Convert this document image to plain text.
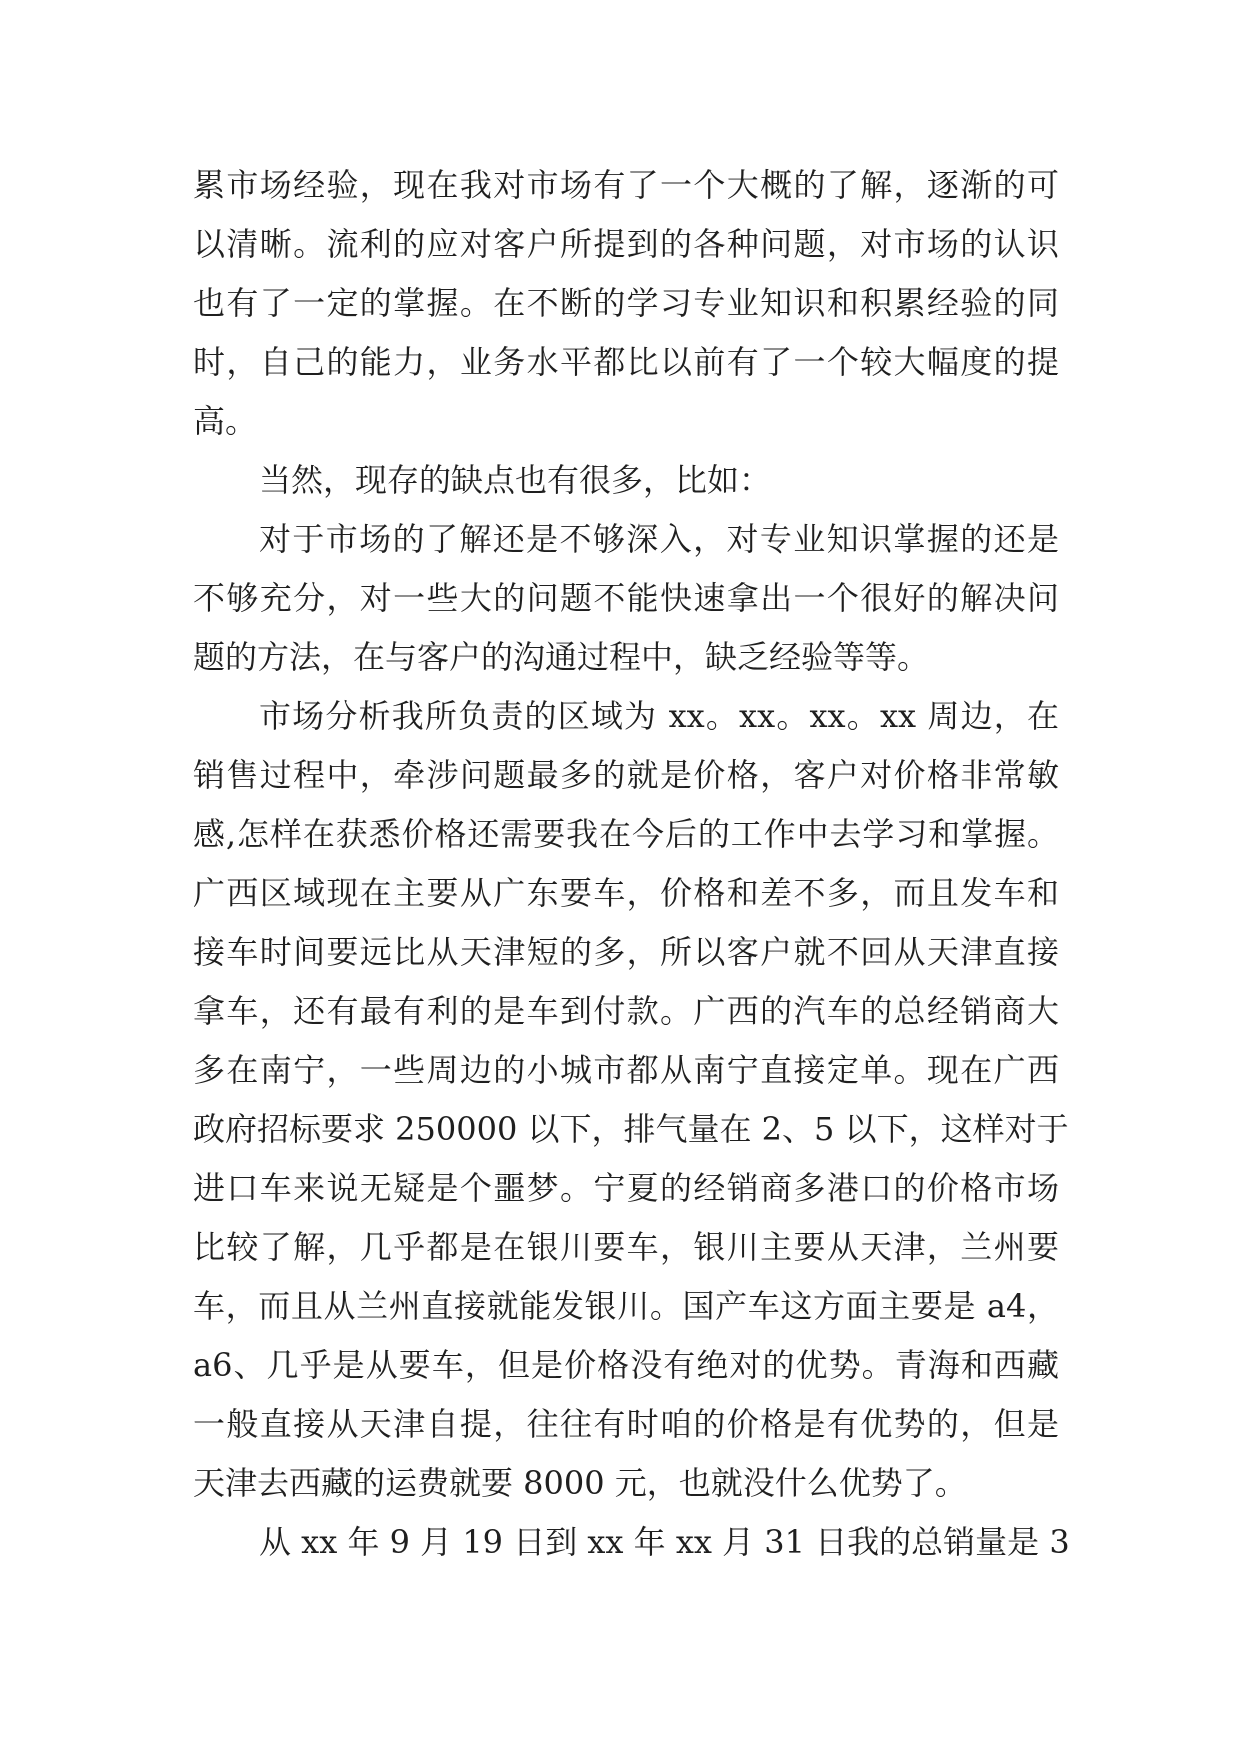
累市场经验，现在我对市场有了一个大概的了解，逐渐的可
以清晰。流利的应对客户所提到的各种问题，对市场的认识
也有了一定的掌握。在不断的学习专业知识和积累经验的同
时，自己的能力，业务水平都比以前有了一个较大幅度的提
高。
当然，现存的缺点也有很多，比如：
对于市场的了解还是不够深入，对专业知识掌握的还是
不够充分，对一些大的问题不能快速拿出一个很好的解决问
题的方法，在与客户的沟通过程中，缺乏经验等等。
市场分析我所负责的区域为 xx。xx。xx。xx 周边，在
销售过程中，牵涉问题最多的就是价格，客户对价格非常敏
感,怎样在获悉价格还需要我在今后的工作中去学习和掌握。
广西区域现在主要从广东要车，价格和差不多，而且发车和
接车时间要远比从天津短的多，所以客户就不回从天津直接
拿车，还有最有利的是车到付款。广西的汽车的总经销商大
多在南宁，一些周边的小城市都从南宁直接定单。现在广西
政府招标要求 250000 以下，排气量在 2、5 以下，这样对于
进口车来说无疑是个噩梦。宁夏的经销商多港口的价格市场
比较了解，几乎都是在银川要车，银川主要从天津，兰州要
车，而且从兰州直接就能发银川。国产车这方面主要是 a4，
a6、几乎是从要车，但是价格没有绝对的优势。青海和西藏
一般直接从天津自提，往往有时咱的价格是有优势的，但是
天津去西藏的运费就要 8000 元，也就没什么优势了。
从 xx 年 9 月 19 日到 xx 年 xx 月 31 日我的总销量是 3
